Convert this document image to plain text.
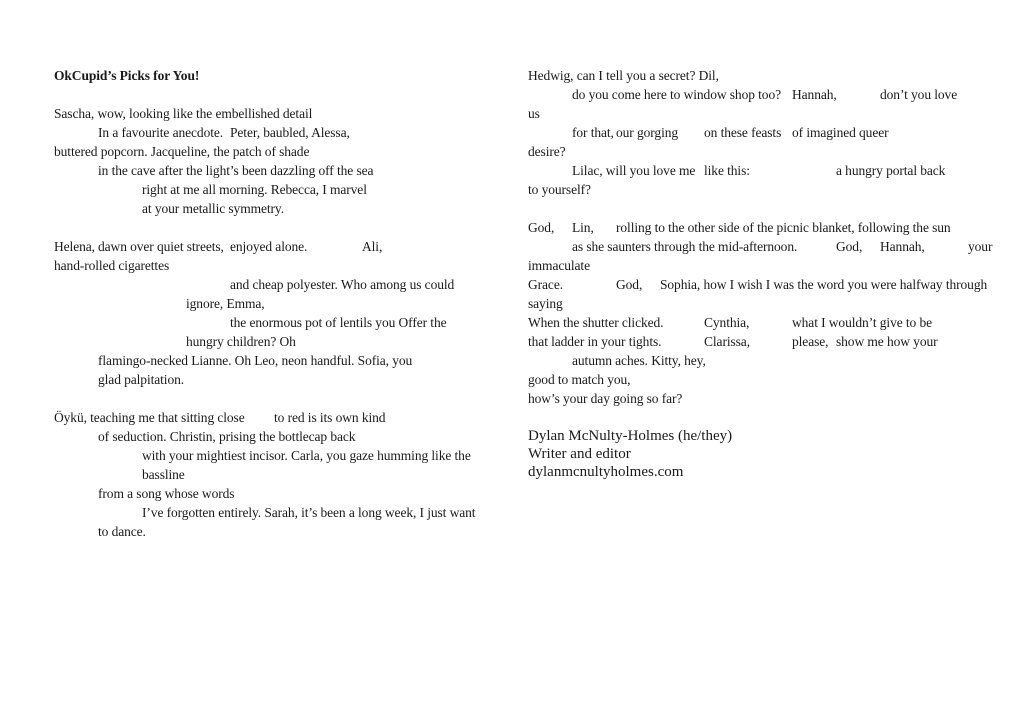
OkCupid’s Picks for You!
Sascha, wow, looking like the embellished detail
	In a favourite anecdote.	Peter, baubled, Alessa,
buttered popcorn. Jacqueline, the patch of shade
	in the cave after the light’s been dazzling off the sea
		right at me all morning. Rebecca, I marvel
		at your metallic symmetry.
Helena,	dawn over quiet streets,	enjoyed alone.		Ali,
hand-rolled cigarettes
				and cheap polyester. Who among us could
			ignore, Emma,
				the enormous pot of lentils you Offer the
			hungry children? Oh
	flamingo-necked Lianne. Oh Leo, neon handful. Sofia, you
	glad palpitation.
Öykü, teaching me that sitting close	to red is its own kind
	of seduction. Christin, prising the bottlecap back
		with your mightiest incisor. Carla, you gaze humming like the
		bassline
	from a song whose words
		I’ve forgotten entirely. Sarah, it’s been a long week, I just want
	to dance.
Hedwig, can I tell you a secret? Dil,
	do you come here to window shop too?	Hannah,	don’t you love
us
	for that,	our gorging	on these feasts	of imagined queer
desire?
	Lilac, will you love me	like this:		a hungry portal back
to yourself?
God,	Lin,	rolling to the other side of the picnic blanket, following the sun
	as she saunters through the mid-afternoon.	God,	Hannah,	your
immaculate
Grace.		God,	Sophia, how I wish I was the word you were halfway through
saying
When the shutter clicked.	Cynthia,	what I wouldn’t give to be
that ladder in your tights.	Clarissa,	please,	show me how your
	autumn aches. Kitty, hey,
good to match you,
how’s your day going so far?
Dylan McNulty-Holmes (he/they)
Writer and editor
dylanmcnultyholmes.com
